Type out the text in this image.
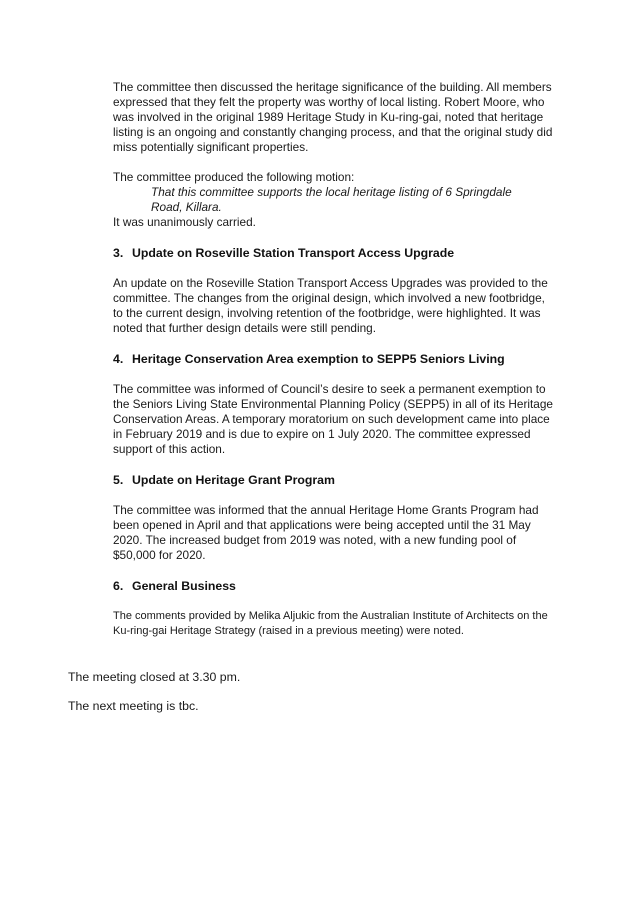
The committee then discussed the heritage significance of the building. All members expressed that they felt the property was worthy of local listing. Robert Moore, who was involved in the original 1989 Heritage Study in Ku-ring-gai, noted that heritage listing is an ongoing and constantly changing process, and that the original study did miss potentially significant properties.

The committee produced the following motion:

That this committee supports the local heritage listing of 6 Springdale Road, Killara.

It was unanimously carried.

3. Update on Roseville Station Transport Access Upgrade

An update on the Roseville Station Transport Access Upgrades was provided to the committee. The changes from the original design, which involved a new footbridge, to the current design, involving retention of the footbridge, were highlighted. It was noted that further design details were still pending.

4. Heritage Conservation Area exemption to SEPP5 Seniors Living

The committee was informed of Council’s desire to seek a permanent exemption to the Seniors Living State Environmental Planning Policy (SEPP5) in all of its Heritage Conservation Areas. A temporary moratorium on such development came into place in February 2019 and is due to expire on 1 July 2020. The committee expressed support of this action.

5. Update on Heritage Grant Program

The committee was informed that the annual Heritage Home Grants Program had been opened in April and that applications were being accepted until the 31 May 2020. The increased budget from 2019 was noted, with a new funding pool of $50,000 for 2020.

6. General Business

The comments provided by Melika Aljukic from the Australian Institute of Architects on the Ku-ring-gai Heritage Strategy (raised in a previous meeting) were noted.

The meeting closed at 3.30 pm.

The next meeting is tbc.
